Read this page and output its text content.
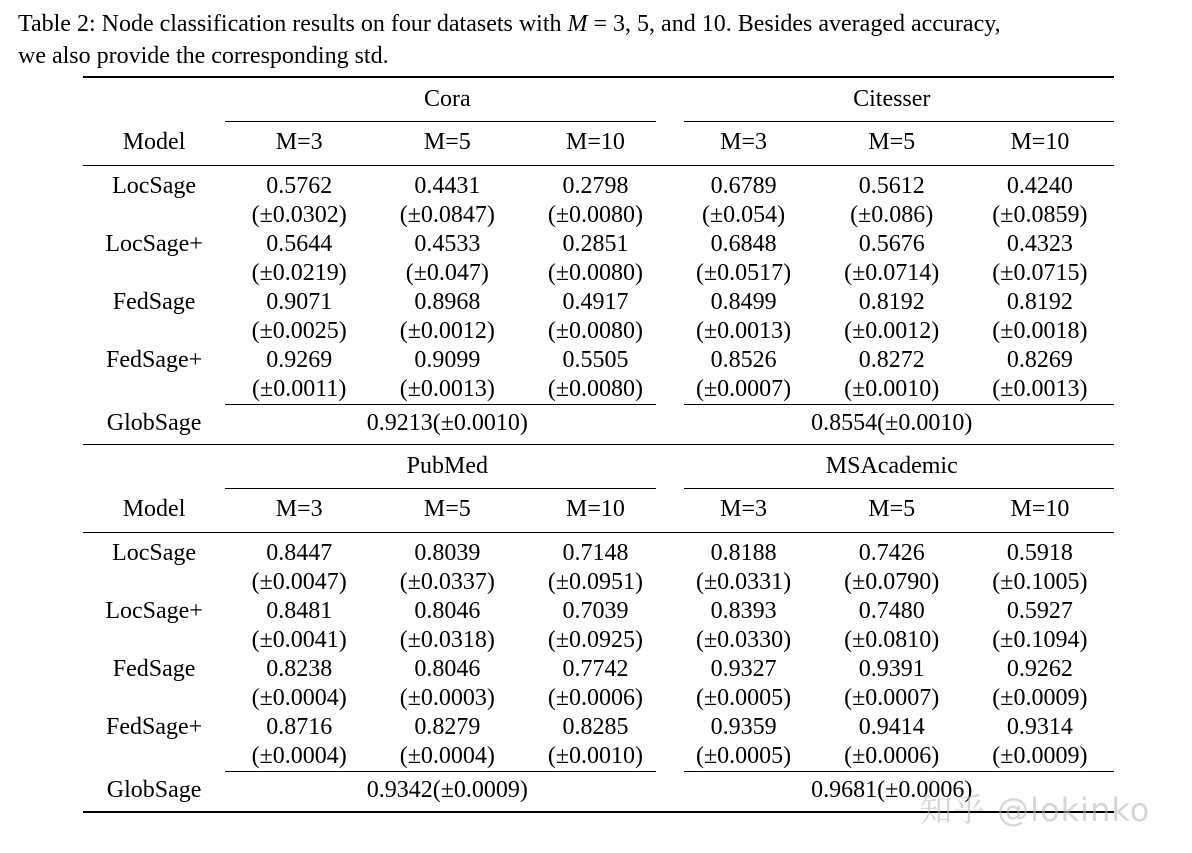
Table 2: Node classification results on four datasets with M = 3, 5, and 10. Besides averaged accuracy,
we also provide the corresponding std.
	Cora			Citesser		
Model	M=3	M=5	M=10	M=3	M=5	M=10
LocSage	0.5762	0.4431	0.2798	0.6789	0.5612	0.4240
	(±0.0302)	(±0.0847)	(±0.0080)	(±0.054)	(±0.086)	(±0.0859)
LocSage+	0.5644	0.4533	0.2851	0.6848	0.5676	0.4323
	(±0.0219)	(±0.047)	(±0.0080)	(±0.0517)	(±0.0714)	(±0.0715)
FedSage	0.9071	0.8968	0.4917	0.8499	0.8192	0.8192
	(±0.0025)	(±0.0012)	(±0.0080)	(±0.0013)	(±0.0012)	(±0.0018)
FedSage+	0.9269	0.9099	0.5505	0.8526	0.8272	0.8269
	(±0.0011)	(±0.0013)	(±0.0080)	(±0.0007)	(±0.0010)	(±0.0013)
GlobSage	0.9213(±0.0010)			0.8554(±0.0010)		
	PubMed			MSAcademic		
Model	M=3	M=5	M=10	M=3	M=5	M=10
LocSage	0.8447	0.8039	0.7148	0.8188	0.7426	0.5918
	(±0.0047)	(±0.0337)	(±0.0951)	(±0.0331)	(±0.0790)	(±0.1005)
LocSage+	0.8481	0.8046	0.7039	0.8393	0.7480	0.5927
	(±0.0041)	(±0.0318)	(±0.0925)	(±0.0330)	(±0.0810)	(±0.1094)
FedSage	0.8238	0.8046	0.7742	0.9327	0.9391	0.9262
	(±0.0004)	(±0.0003)	(±0.0006)	(±0.0005)	(±0.0007)	(±0.0009)
FedSage+	0.8716	0.8279	0.8285	0.9359	0.9414	0.9314
	(±0.0004)	(±0.0004)	(±0.0010)	(±0.0005)	(±0.0006)	(±0.0009)
GlobSage	0.9342(±0.0009)			0.9681(±0.0006)		
知乎 @lokinko
